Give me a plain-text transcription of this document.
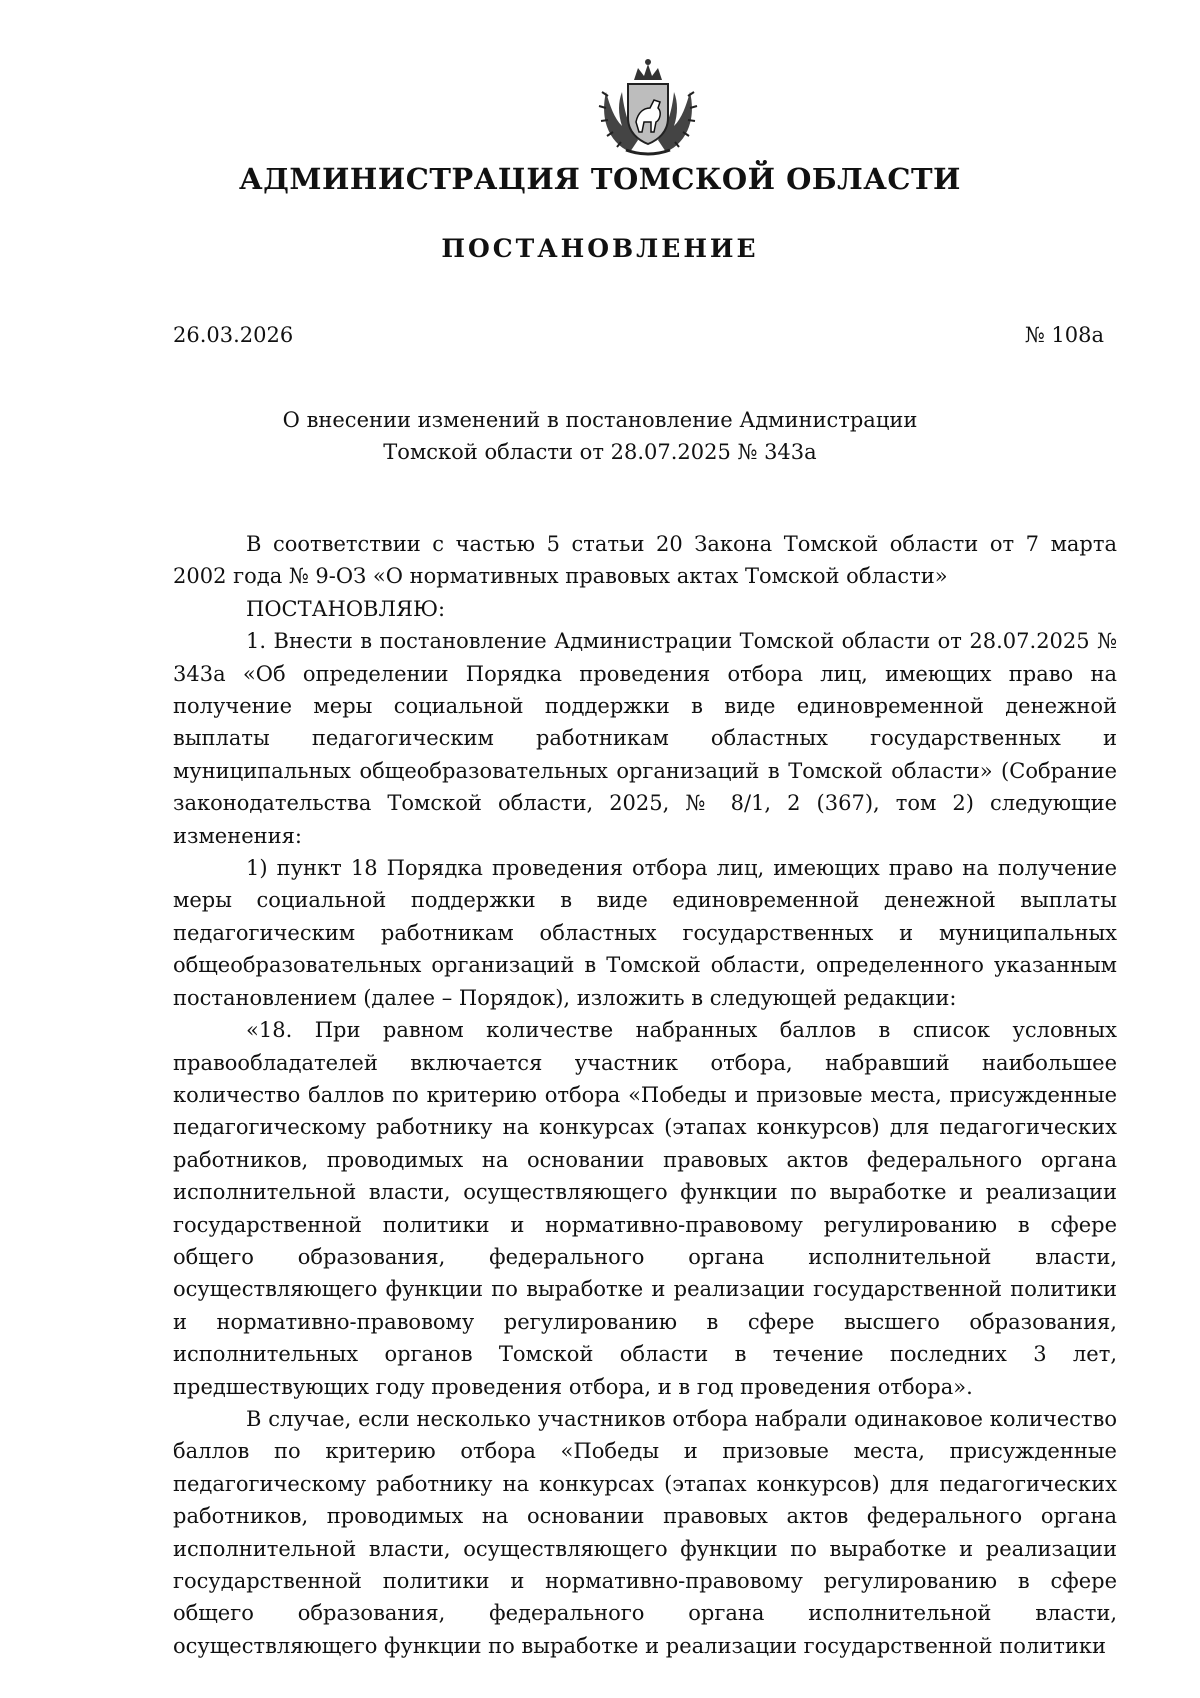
АДМИНИСТРАЦИЯ ТОМСКОЙ ОБЛАСТИ
ПОСТАНОВЛЕНИЕ
26.03.2026	№ 108а
О внесении изменений в постановление Администрации
Томской области от 28.07.2025 № 343а

В соответствии с частью 5 статьи 20 Закона Томской области от 7 марта 2002 года № 9-ОЗ «О нормативных правовых актах Томской области»

ПОСТАНОВЛЯЮ:

1. Внести в постановление Администрации Томской области от 28.07.2025 № 343а «Об определении Порядка проведения отбора лиц, имеющих право на получение меры социальной поддержки в виде единовременной денежной выплаты педагогическим работникам областных государственных и муниципальных общеобразовательных организаций в Томской области» (Собрание законодательства Томской области, 2025, № 8/1, 2 (367), том 2) следующие изменения:

1) пункт 18 Порядка проведения отбора лиц, имеющих право на получение меры социальной поддержки в виде единовременной денежной выплаты педагогическим работникам областных государственных и муниципальных общеобразовательных организаций в Томской области, определенного указанным постановлением (далее – Порядок), изложить в следующей редакции:

«18. При равном количестве набранных баллов в список условных правообладателей включается участник отбора, набравший наибольшее количество баллов по критерию отбора «Победы и призовые места, присужденные педагогическому работнику на конкурсах (этапах конкурсов) для педагогических работников, проводимых на основании правовых актов федерального органа исполнительной власти, осуществляющего функции по выработке и реализации государственной политики и нормативно-правовому регулированию в сфере общего образования, федерального органа исполнительной власти, осуществляющего функции по выработке и реализации государственной политики и нормативно-правовому регулированию в сфере высшего образования, исполнительных органов Томской области в течение последних 3 лет, предшествующих году проведения отбора, и в год проведения отбора».

В случае, если несколько участников отбора набрали одинаковое количество баллов по критерию отбора «Победы и призовые места, присужденные педагогическому работнику на конкурсах (этапах конкурсов) для педагогических работников, проводимых на основании правовых актов федерального органа исполнительной власти, осуществляющего функции по выработке и реализации государственной политики и нормативно-правовому регулированию в сфере общего образования, федерального органа исполнительной власти, осуществляющего функции по выработке и реализации государственной политики
